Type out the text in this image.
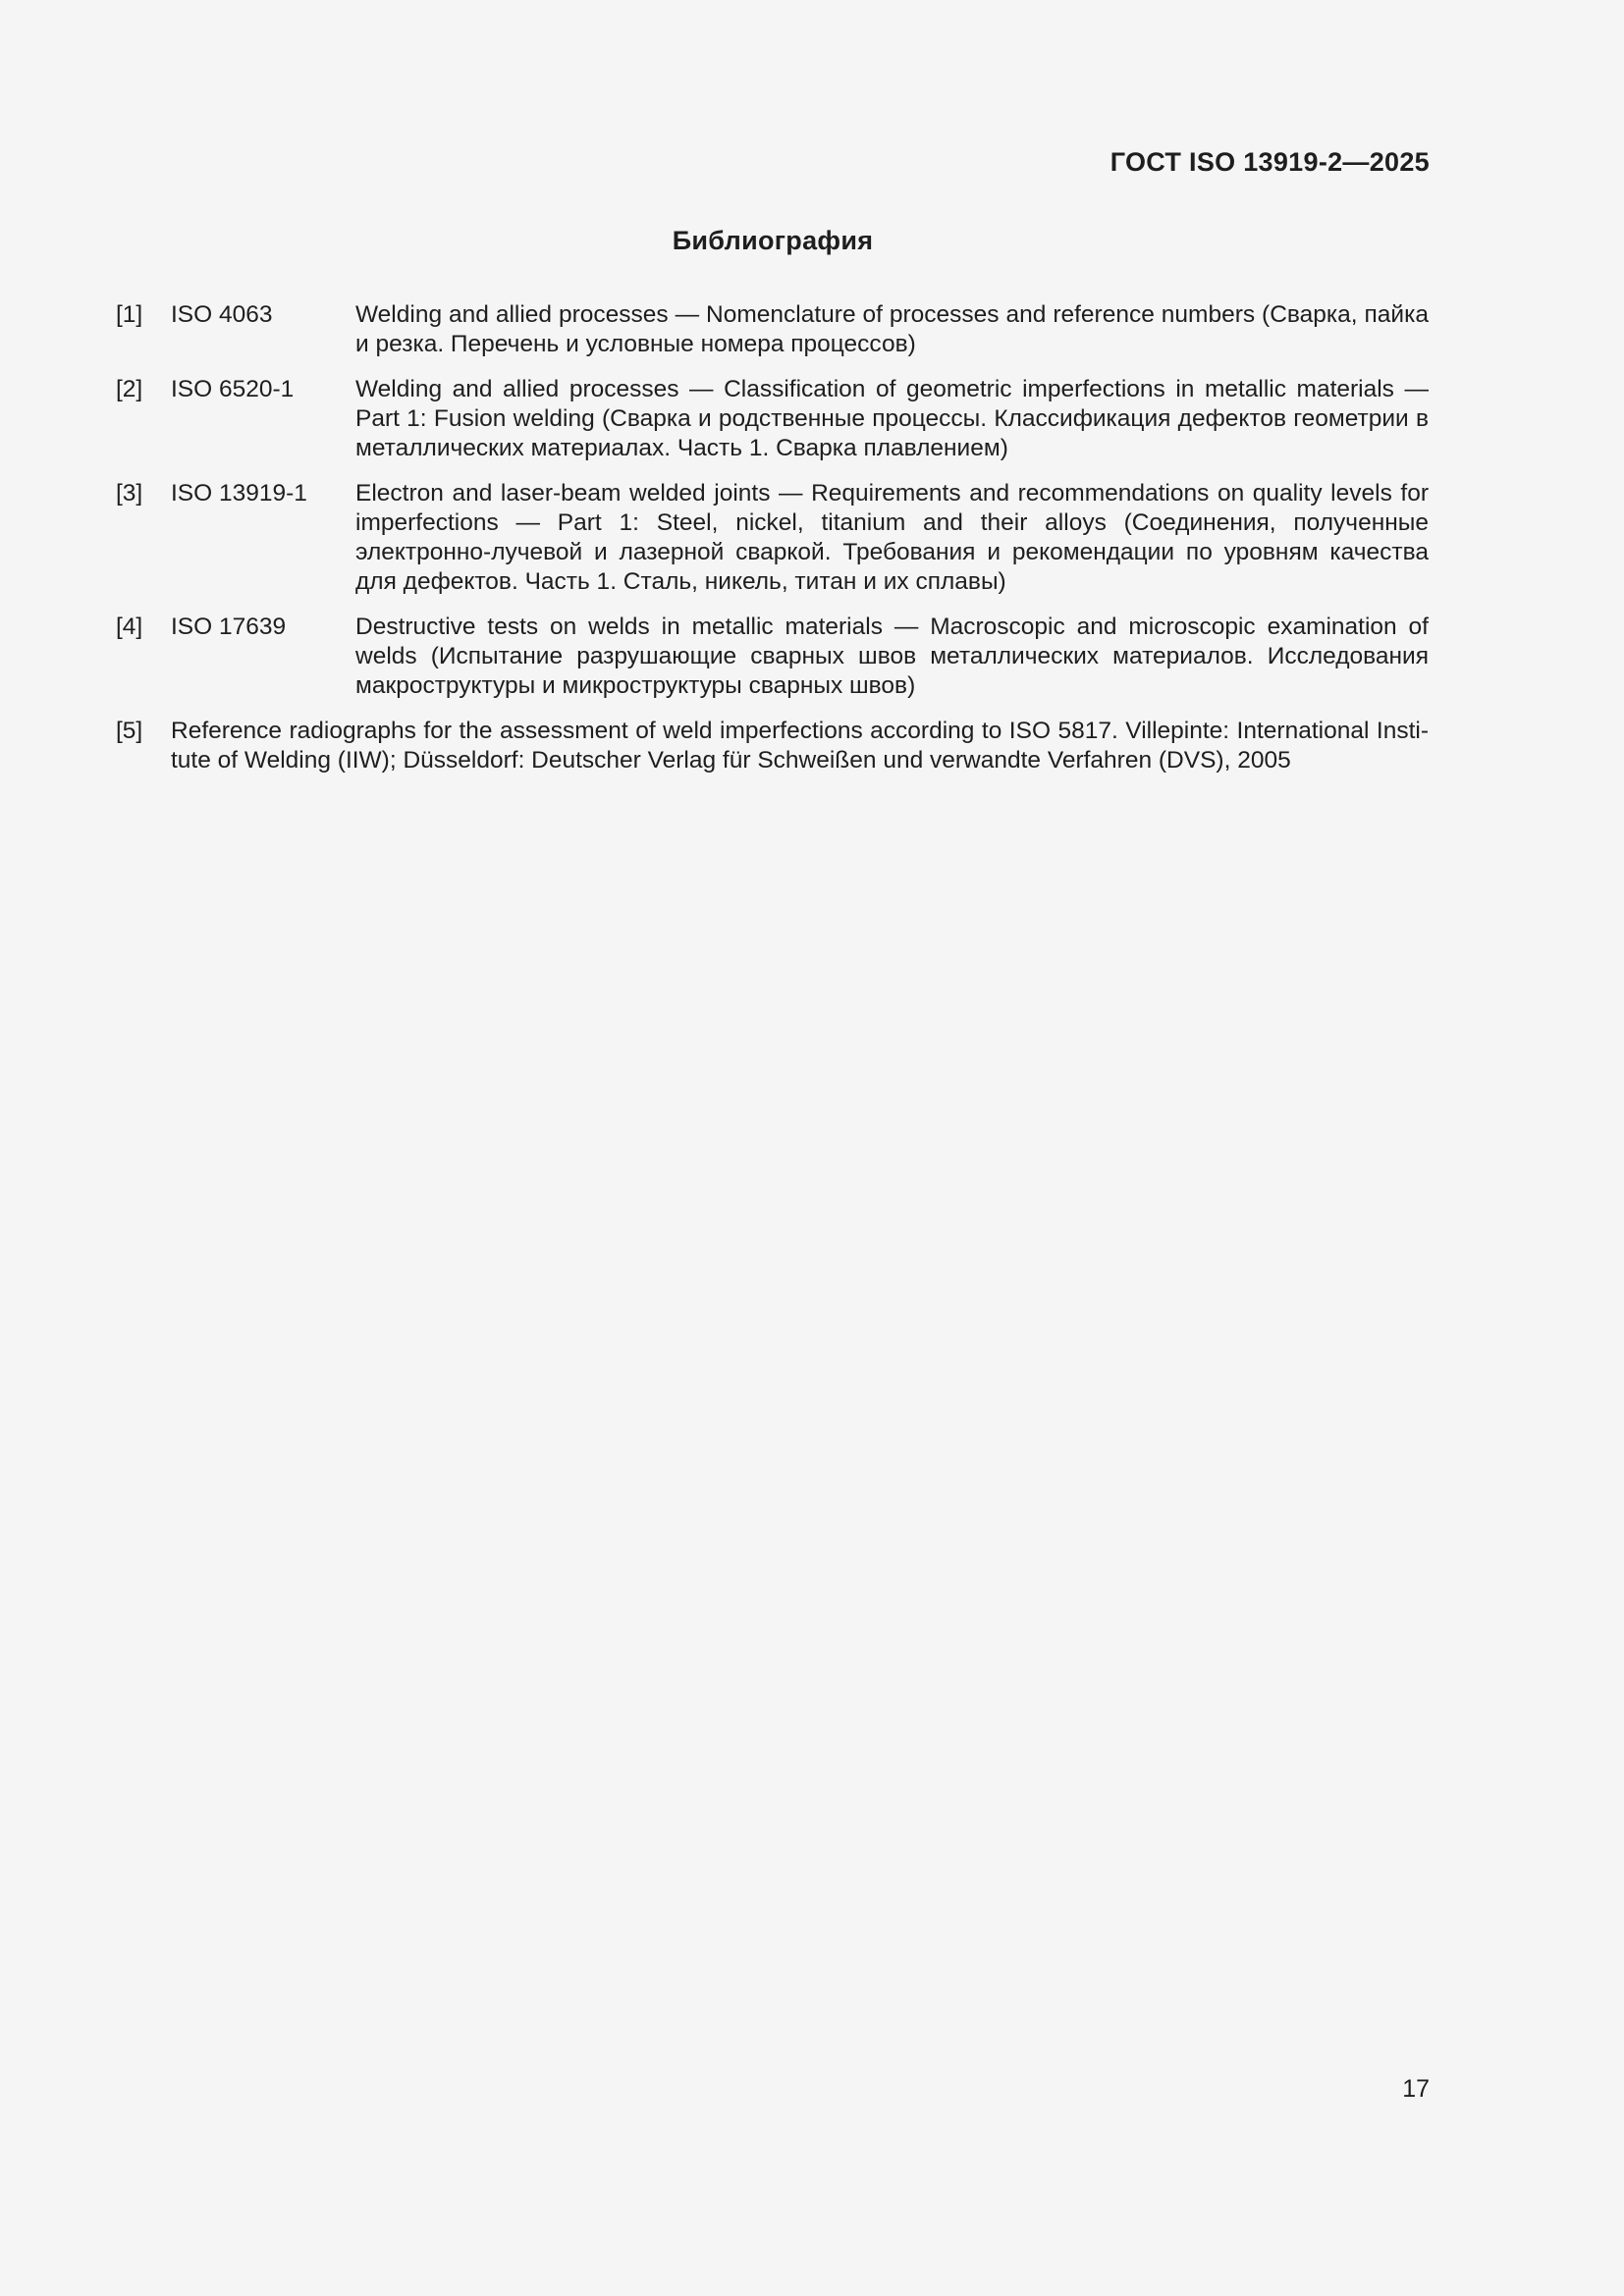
ГОСТ ISO 13919-2—2025
Библиография
[1] ISO 4063	Welding and allied processes — Nomenclature of processes and reference numbers (Сварка, пайка и резка. Перечень и условные номера процессов)
[2] ISO 6520-1	Welding and allied processes — Classification of geometric imperfections in metallic materials — Part 1: Fusion welding (Сварка и родственные процессы. Классификация дефектов геометрии в металлических материалах. Часть 1. Сварка плавлением)
[3] ISO 13919-1 Electron and laser-beam welded joints — Requirements and recommendations on quality levels for imperfections — Part 1: Steel, nickel, titanium and their alloys (Соединения, полученные электронно-лучевой и лазерной сваркой. Требования и рекомендации по уровням качества для дефектов. Часть 1. Сталь, никель, титан и их сплавы)
[4] ISO 17639	Destructive tests on welds in metallic materials — Macroscopic and microscopic examination of welds (Испытание разрушающие сварных швов металлических материалов. Исследования макроструктуры и микроструктуры сварных швов)
[5] Reference radiographs for the assessment of weld imperfections according to ISO 5817. Villepinte: International Institute of Welding (IIW); Düsseldorf: Deutscher Verlag für Schweißen und verwandte Verfahren (DVS), 2005
17
